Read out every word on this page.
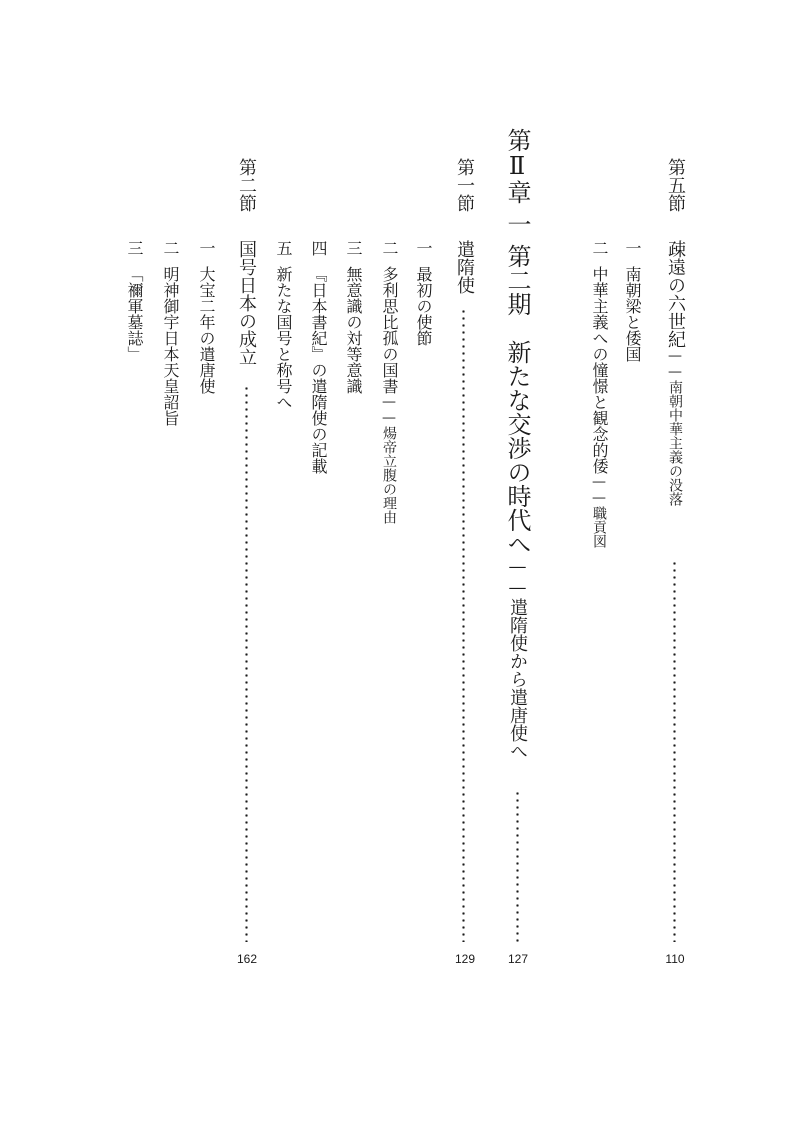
第五節
疎遠の六世紀——南朝中華主義の没落
110
一南朝梁と倭国
二中華主義への憧憬と観念的倭——職貢図
第Ⅱ章一第二期　新たな交渉の時代へ——遣隋使から遣唐使へ
127
第一節
遣隋使
129
一最初の使節
二多利思比孤の国書——煬帝立腹の理由
三無意識の対等意識
四『日本書紀』の遣隋使の記載
五新たな国号と称号へ
第二節
国号日本の成立
162
一大宝二年の遣唐使
二明神御宇日本天皇詔旨
三「禰軍墓誌」
